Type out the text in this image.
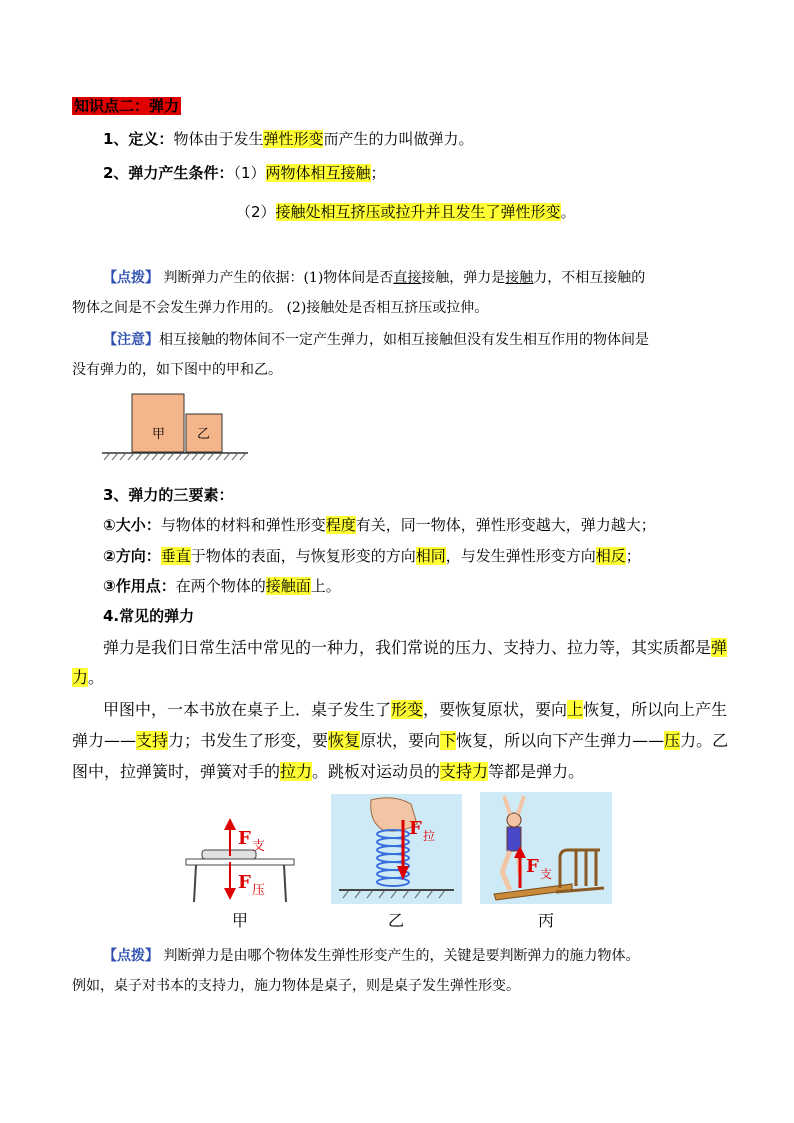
知识点二：弹力
1、定义：物体由于发生弹性形变而产生的力叫做弹力。
2、弹力产生条件：（1）两物体相互接触；
（2）接触处相互挤压或拉升并且发生了弹性形变。
【点拨】 判断弹力产生的依据：(1)物体间是否直接接触，弹力是接触力，不相互接触的
物体之间是不会发生弹力作用的。 (2)接触处是否相互挤压或拉伸。
【注意】相互接触的物体间不一定产生弹力，如相互接触但没有发生相互作用的物体间是
没有弹力的，如下图中的甲和乙。
甲 乙
3、弹力的三要素：
①大小：与物体的材料和弹性形变程度有关，同一物体，弹性形变越大，弹力越大；
②方向：垂直于物体的表面，与恢复形变的方向相同，与发生弹性形变方向相反；
③作用点：在两个物体的接触面上。
4.常见的弹力
弹力是我们日常生活中常见的一种力，我们常说的压力、支持力、拉力等，其实质都是弹
力。
甲图中，一本书放在桌子上．桌子发生了形变，要恢复原状，要向上恢复，所以向上产生
弹力——支持力；书发生了形变，要恢复原状，要向下恢复，所以向下产生弹力——压力。乙
图中，拉弹簧时，弹簧对手的拉力。跳板对运动员的支持力等都是弹力。
F 支
F 压
甲
F 拉
乙
F 支
丙
【点拨】 判断弹力是由哪个物体发生弹性形变产生的，关键是要判断弹力的施力物体。
例如，桌子对书本的支持力，施力物体是桌子，则是桌子发生弹性形变。
